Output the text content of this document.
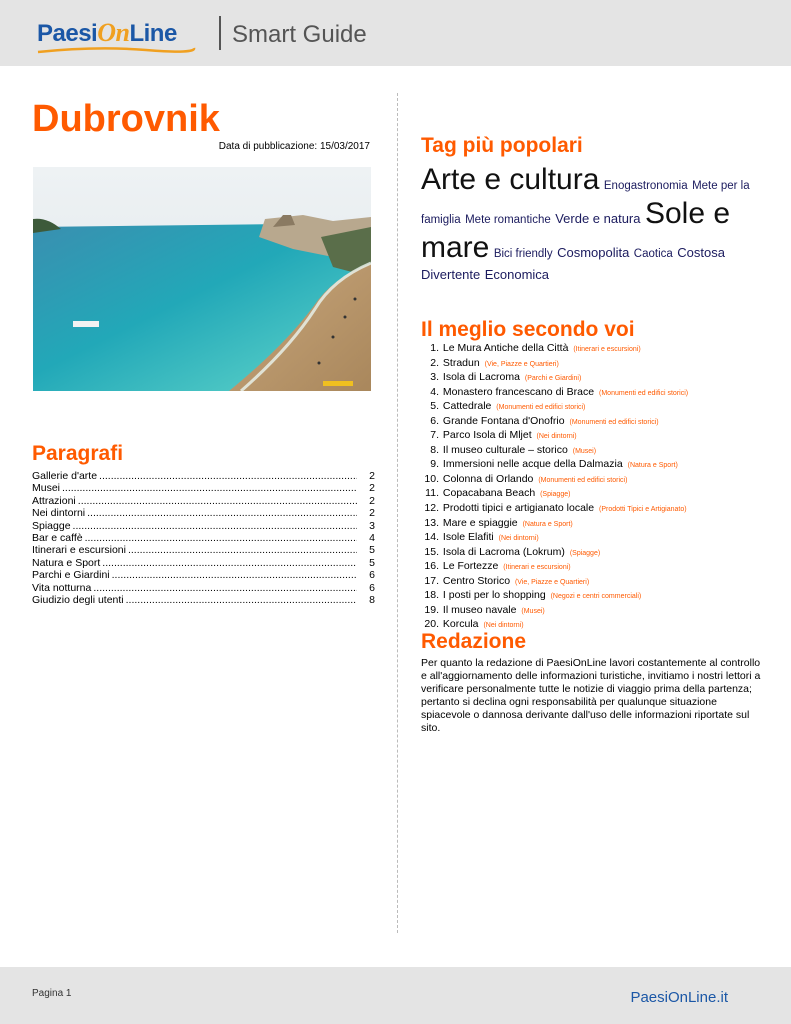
PaesiOnLine Smart Guide
Dubrovnik
Data di pubblicazione: 15/03/2017
Paragrafi
Gallerie d'arte .....	2
Musei .....	2
Attrazioni .....	2
Nei dintorni .....	2
Spiagge .....	3
Bar e caffè .....	4
Itinerari e escursioni .....	5
Natura e Sport .....	5
Parchi e Giardini .....	6
Vita notturna .....	6
Giudizio degli utenti .....	8
Tag più popolari
Arte e cultura Enogastronomia Mete per la famiglia Mete romantiche Verde e natura Sole e mare Bici friendly Cosmopolita Caotica Costosa Divertente Economica
Il meglio secondo voi
1. Le Mura Antiche della Città (Itinerari e escursioni)
2. Stradun (Vie, Piazze e Quartieri)
3. Isola di Lacroma (Parchi e Giardini)
4. Monastero francescano di Brace (Monumenti ed edifici storici)
5. Cattedrale (Monumenti ed edifici storici)
6. Grande Fontana d'Onofrio (Monumenti ed edifici storici)
7. Parco Isola di Mljet (Nei dintorni)
8. Il museo culturale – storico (Musei)
9. Immersioni nelle acque della Dalmazia (Natura e Sport)
10. Colonna di Orlando (Monumenti ed edifici storici)
11. Copacabana Beach (Spiagge)
12. Prodotti tipici e artigianato locale (Prodotti Tipici e Artigianato)
13. Mare e spiaggie (Natura e Sport)
14. Isole Elafiti (Nei dintorni)
15. Isola di Lacroma (Lokrum) (Spiagge)
16. Le Fortezze (Itinerari e escursioni)
17. Centro Storico (Vie, Piazze e Quartieri)
18. I posti per lo shopping (Negozi e centri commerciali)
19. Il museo navale (Musei)
20. Korcula (Nei dintorni)
Redazione
Per quanto la redazione di PaesiOnLine lavori costantemente al controllo e all'aggiornamento delle informazioni turistiche, invitiamo i nostri lettori a verificare personalmente tutte le notizie di viaggio prima della partenza; pertanto si declina ogni responsabilità per qualunque situazione spiacevole o dannosa derivante dall'uso delle informazioni riportate sul sito.
Pagina 1	PaesiOnLine.it
